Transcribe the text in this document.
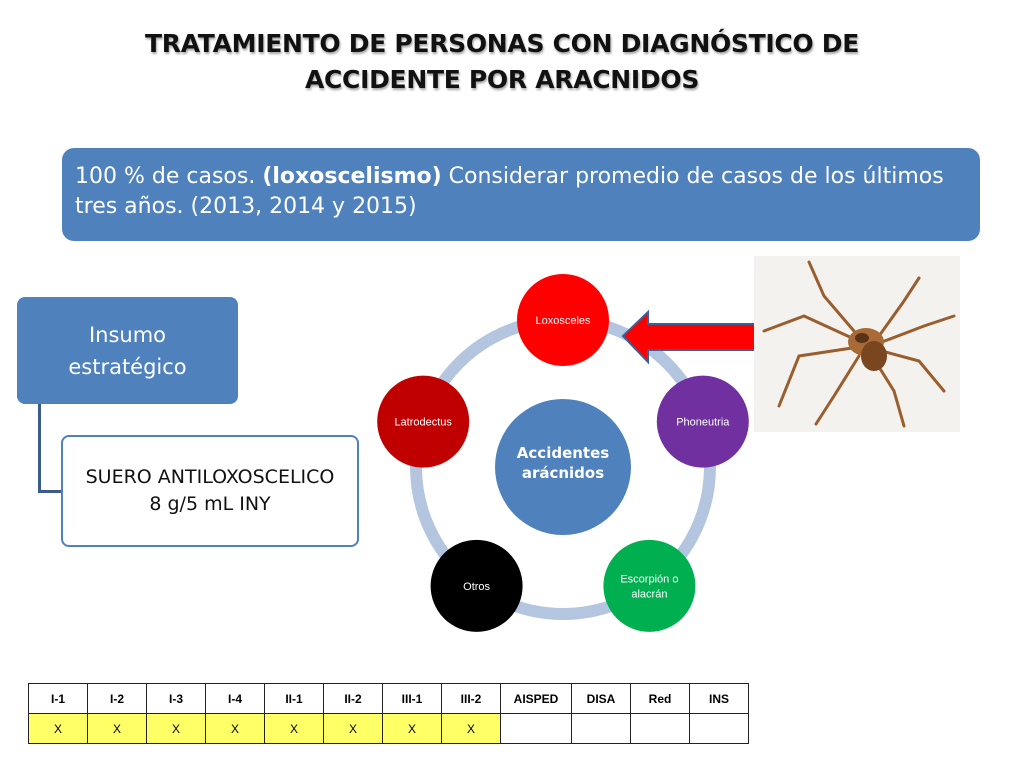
TRATAMIENTO DE PERSONAS CON DIAGNÓSTICO DE
ACCIDENTE POR ARACNIDOS
100 % de casos. (loxoscelismo) Considerar promedio de casos de los últimos tres años. (2013, 2014 y 2015)
Insumo estratégico
SUERO ANTILOXOSCELICO
8 g/5 mL INY
Accidentes arácnidos
Loxosceles
Phoneutria
Escorpión o alacrán
Otros
Latrodectus
I-1	I-2	I-3	I-4	II-1	II-2	III-1	III-2	AISPED	DISA	Red	INS
X	X	X	X	X	X	X	X				
